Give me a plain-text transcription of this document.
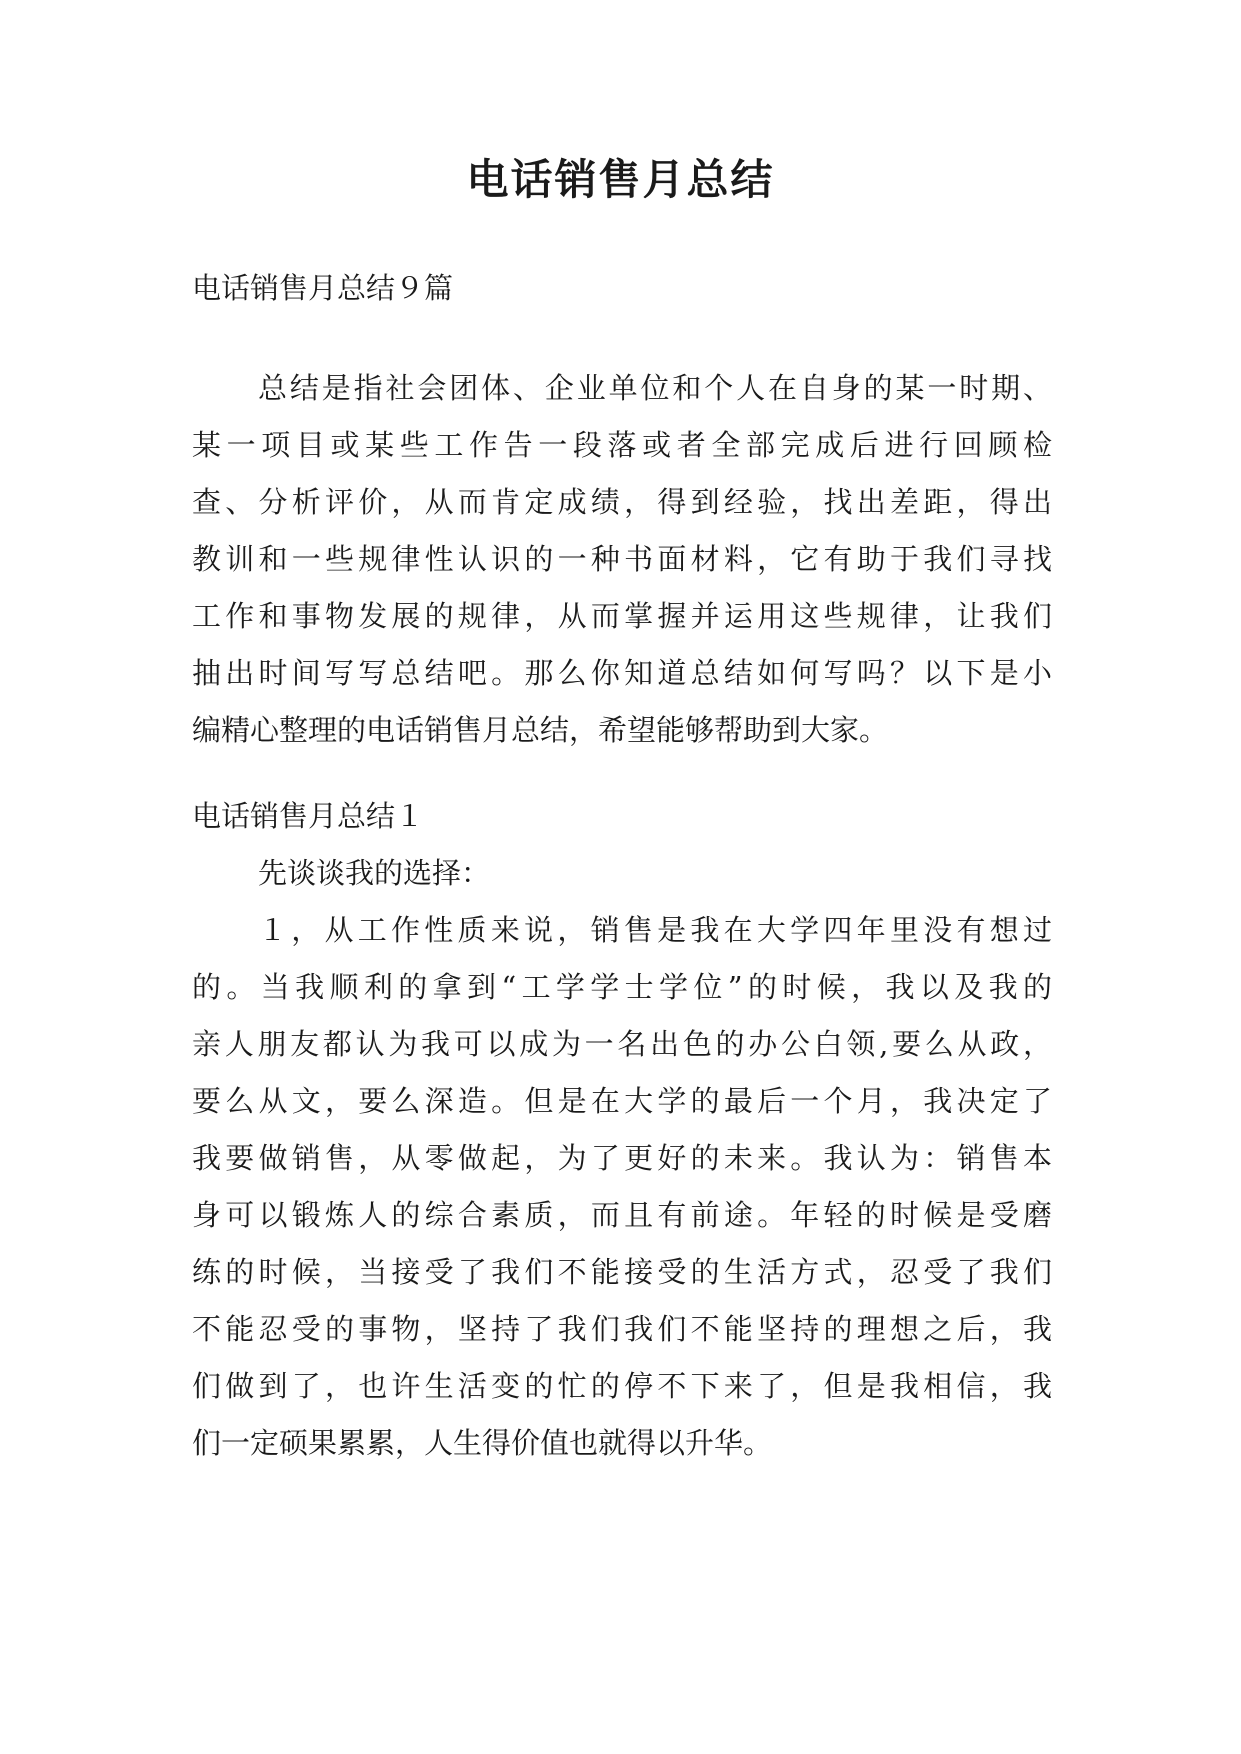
电话销售月总结

电话销售月总结９篇

总结是指社会团体、企业单位和个人在自身的某一时期、
某一项目或某些工作告一段落或者全部完成后进行回顾检
查、分析评价，从而肯定成绩，得到经验，找出差距，得出
教训和一些规律性认识的一种书面材料，它有助于我们寻找
工作和事物发展的规律，从而掌握并运用这些规律，让我们
抽出时间写写总结吧。那么你知道总结如何写吗？以下是小
编精心整理的电话销售月总结，希望能够帮助到大家。

电话销售月总结１

先谈谈我的选择：

１，从工作性质来说，销售是我在大学四年里没有想过
的。当我顺利的拿到“工学学士学位”的时候，我以及我的
亲人朋友都认为我可以成为一名出色的办公白领,要么从政，
要么从文，要么深造。但是在大学的最后一个月，我决定了
我要做销售，从零做起，为了更好的未来。我认为：销售本
身可以锻炼人的综合素质，而且有前途。年轻的时候是受磨
练的时候，当接受了我们不能接受的生活方式，忍受了我们
不能忍受的事物，坚持了我们我们不能坚持的理想之后，我
们做到了，也许生活变的忙的停不下来了，但是我相信，我
们一定硕果累累，人生得价值也就得以升华。
